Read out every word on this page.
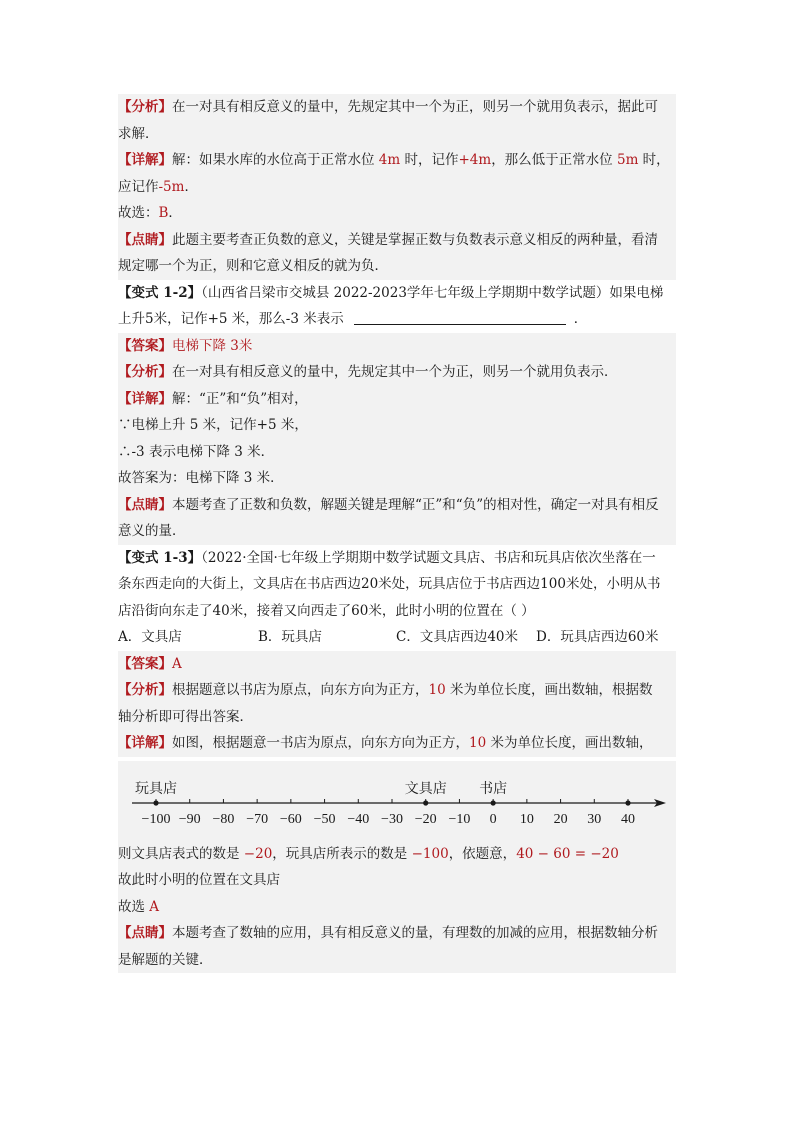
【分析】在一对具有相反意义的量中，先规定其中一个为正，则另一个就用负表示，据此可
求解．
【详解】解：如果水库的水位高于正常水位 4m 时，记作+4m，那么低于正常水位 5m 时，
应记作-5m．
故选：B．
【点睛】此题主要考查正负数的意义，关键是掌握正数与负数表示意义相反的两种量，看清
规定哪一个为正，则和它意义相反的就为负．
【变式 1-2】（山西省吕梁市交城县 2022-2023学年七年级上学期期中数学试题）如果电梯
上升5米，记作+5 米，那么-3 米表示	．
【答案】电梯下降 3米
【分析】在一对具有相反意义的量中，先规定其中一个为正，则另一个就用负表示．
【详解】解：“正”和“负”相对，
∵电梯上升 5 米，记作+5 米，
∴-3 表示电梯下降 3 米．
故答案为：电梯下降 3 米．
【点睛】本题考查了正数和负数，解题关键是理解“正”和“负”的相对性，确定一对具有相反
意义的量．
【变式 1-3】（2022·全国·七年级上学期期中数学试题文具店、书店和玩具店依次坐落在一
条东西走向的大街上，文具店在书店西边20米处，玩具店位于书店西边100米处，小明从书
店沿街向东走了40米，接着又向西走了60米，此时小明的位置在（ ）
A．文具店	B．玩具店	C．文具店西边40米	D．玩具店西边60米
【答案】A
【分析】根据题意以书店为原点，向东方向为正方，10 米为单位长度，画出数轴，根据数
轴分析即可得出答案．
【详解】如图，根据题意一书店为原点，向东方向为正方，10 米为单位长度，画出数轴，
−100 −90 −80 −70 −60 −50 −40 −30 −20 −10 0 10 20 30 40
玩具店	文具店 书店
则文具店表式的数是 −20，玩具店所表示的数是 −100，依题意，40 − 60 = −20
故此时小明的位置在文具店
故选 A
【点睛】本题考查了数轴的应用，具有相反意义的量，有理数的加减的应用，根据数轴分析
是解题的关键．
